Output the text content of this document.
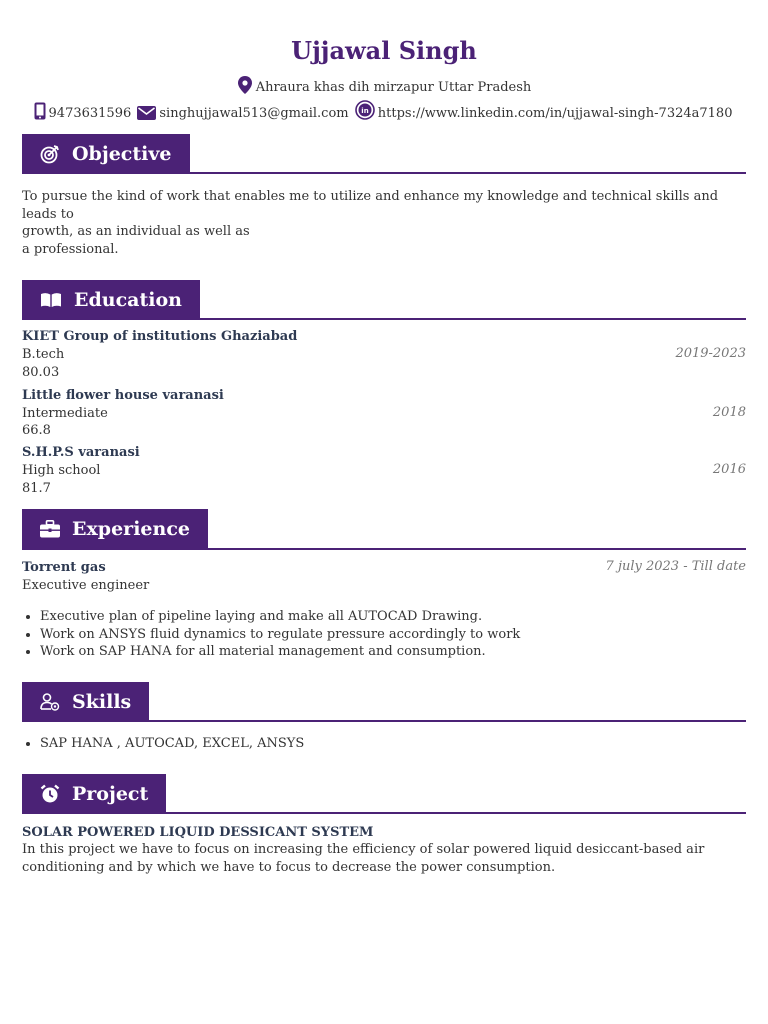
Ujjawal Singh
Ahraura khas dih mirzapur Uttar Pradesh
9473631596 singhujjawal513@gmail.com in https://www.linkedin.com/in/ujjawal-singh-7324a7180
Objective
To pursue the kind of work that enables me to utilize and enhance my knowledge and technical skills and leads to
growth, as an individual as well as
a professional.
Education
KIET Group of institutions Ghaziabad
B.tech	2019-2023
80.03
Little flower house varanasi
Intermediate	2018
66.8
S.H.P.S varanasi
High school	2016
81.7
Experience
Torrent gas	7 july 2023 - Till date
Executive engineer
• Executive plan of pipeline laying and make all AUTOCAD Drawing.
• Work on ANSYS fluid dynamics to regulate pressure accordingly to work
• Work on SAP HANA for all material management and consumption.
Skills
• SAP HANA , AUTOCAD, EXCEL, ANSYS
Project
SOLAR POWERED LIQUID DESSICANT SYSTEM
In this project we have to focus on increasing the efficiency of solar powered liquid desiccant-based air
conditioning and by which we have to focus to decrease the power consumption.
